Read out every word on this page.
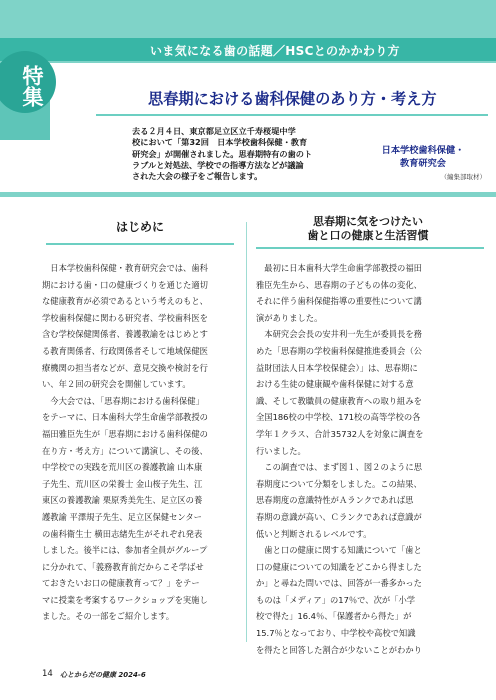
いま気になる歯の話題／HSCとのかかわり方
特集	思春期における歯科保健のあり方・考え方
去る２月４日、東京都足立区立千寿桜堤中学
校において「第32回　日本学校歯科保健・教育
研究会」が開催されました。思春期特有の歯のト
ラブルと対処法、学校での指導方法などが議論
された大会の様子をご報告します。
日本学校歯科保健・
教育研究会
（編集部取材）
はじめに	思春期に気をつけたい
歯と口の健康と生活習慣
　日本学校歯科保健・教育研究会では、歯科
期における歯・口の健康づくりを通じた適切
な健康教育が必須であるという考えのもと、
学校歯科保健に関わる研究者、学校歯科医を
含む学校保健関係者、養護教諭をはじめとす
る教育関係者、行政関係者そして地域保健医
療機関の担当者などが、意見交換や検討を行
い、年２回の研究会を開催しています。
　今大会では、「思春期における歯科保健」
をテーマに、日本歯科大学生命歯学部教授の
福田雅臣先生が「思春期における歯科保健の
在り方・考え方」について講演し、その後、
中学校での実践を荒川区の養護教諭 山本康
子先生、荒川区の栄養士 金山桜子先生、江
東区の養護教諭 栗原秀美先生、足立区の養
護教諭 平澤規子先生、足立区保健センター
の歯科衛生士 横田志緒先生がそれぞれ発表
しました。後半には、参加者全員がグループ
に分かれて、「義務教育前だからこそ学ばせ
ておきたいお口の健康教育って？」をテー
マに授業を考案するワークショップを実施し
ました。その一部をご紹介します。
　最初に日本歯科大学生命歯学部教授の福田
雅臣先生から、思春期の子どもの体の変化、
それに伴う歯科保健指導の重要性について講
演がありました。
　本研究会会長の安井利一先生が委員長を務
めた「思春期の学校歯科保健推進委員会（公
益財団法人日本学校保健会）」は、思春期に
おける生徒の健康観や歯科保健に対する意
識、そして教職員の健康教育への取り組みを
全国186校の中学校、171校の高等学校の各
学年１クラス、合計35732人を対象に調査を
行いました。
　この調査では、まず図１、図２のように思
春期度について分類をしました。この結果、
思春期度の意識特性がＡランクであれば思
春期の意識が高い、Ｃランクであれば意識が
低いと判断されるレベルです。
　歯と口の健康に関する知識について「歯と
口の健康についての知識をどこから得ました
か」と尋ねた問いでは、回答が一番多かった
ものは「メディア」の17％で、次が「小学
校で得た」16.4％、「保護者から得た」が
15.7％となっており、中学校や高校で知識
を得たと回答した割合が少ないことがわかり
14 心とからだの健康 2024-6
